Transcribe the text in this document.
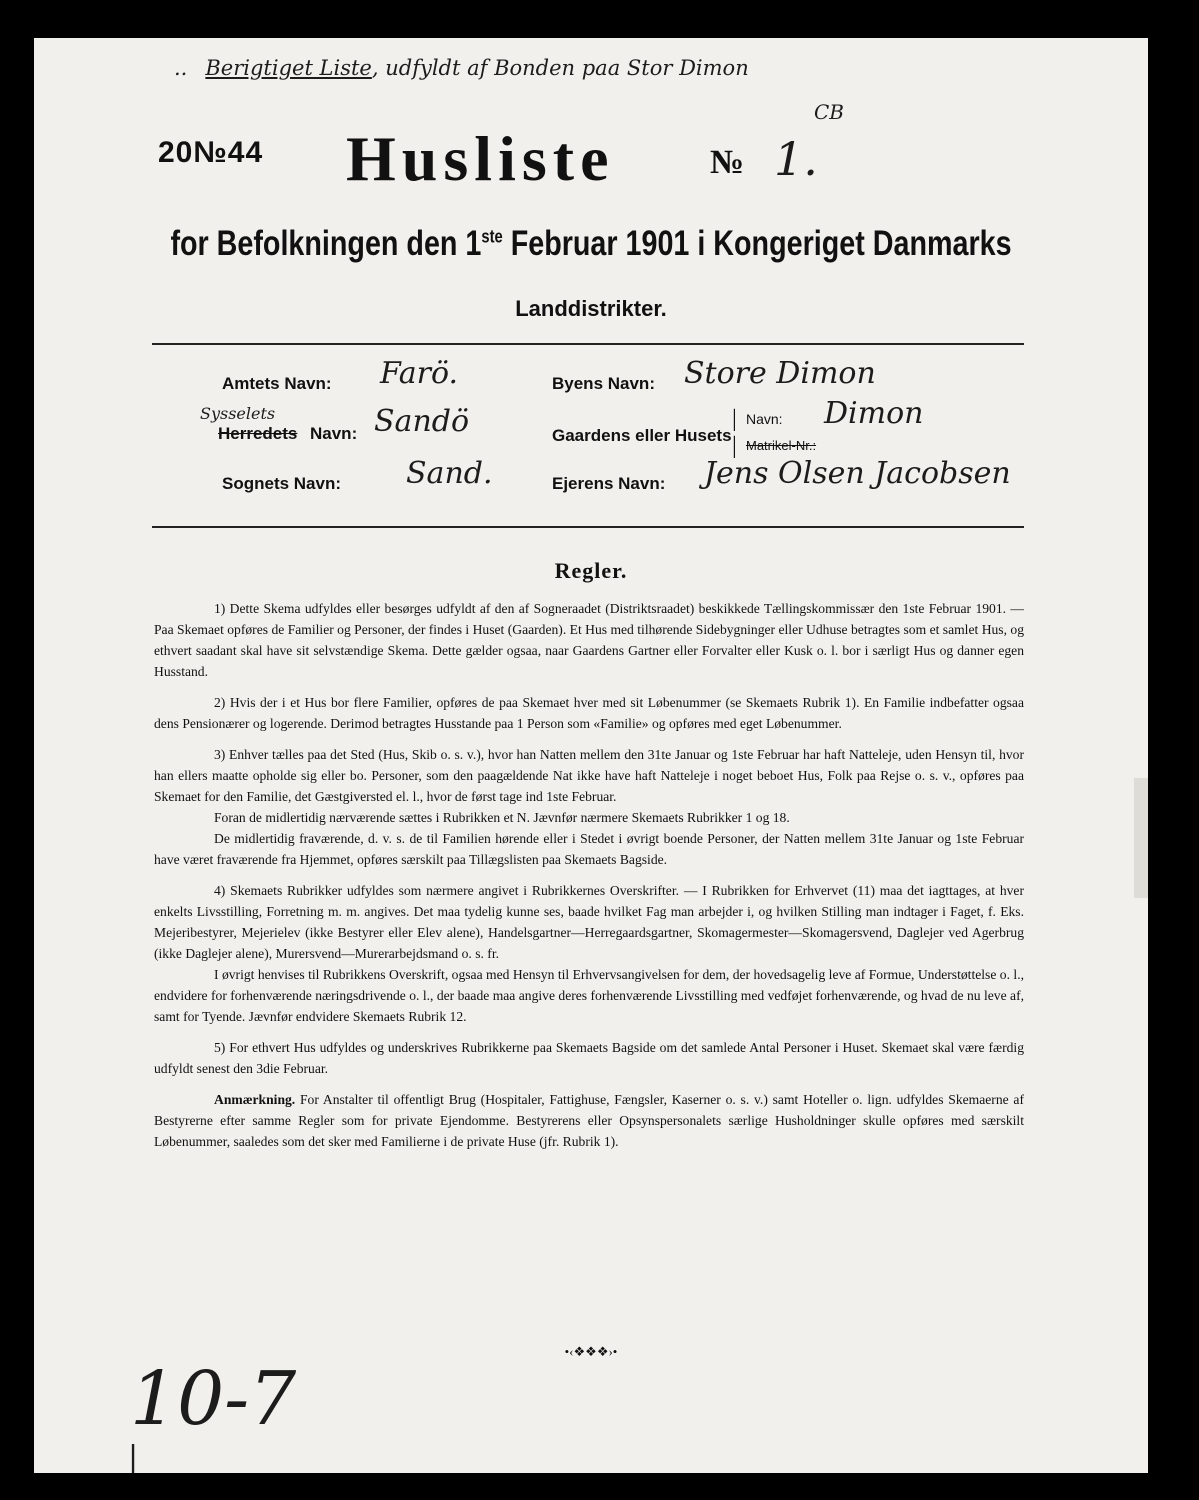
.. Berigtiget Liste, udfyldt af Bonden paa Stor Dimon
CB
20№44 Husliste	№ 1.
for Befolkningen den 1ste Februar 1901 i Kongeriget Danmarks
Landdistrikter.
Amtets Navn: Farö.	Byens Navn: Store Dimon
Sysselets
Herredets Navn: Sandö	Gaardens eller Husets
|
|
Navn: Dimon
Matrikel-Nr.:
Sognets Navn: Sand.	Ejerens Navn: Jens Olsen Jacobsen
Regler.

1) Dette Skema udfyldes eller besørges udfyldt af den af Sogneraadet (Distriktsraadet) beskikkede Tællingskommissær den 1ste Februar 1901. — Paa Skemaet opføres de Familier og Personer, der findes i Huset (Gaarden). Et Hus med tilhørende Sidebygninger eller Udhuse betragtes som et samlet Hus, og ethvert saadant skal have sit selvstændige Skema. Dette gælder ogsaa, naar Gaardens Gartner eller Forvalter eller Kusk o. l. bor i særligt Hus og danner egen Husstand.

2) Hvis der i et Hus bor flere Familier, opføres de paa Skemaet hver med sit Løbenummer (se Skemaets Rubrik 1). En Familie indbefatter ogsaa dens Pensionærer og logerende. Derimod betragtes Husstande paa 1 Person som «Familie» og opføres med eget Løbenummer.

3) Enhver tælles paa det Sted (Hus, Skib o. s. v.), hvor han Natten mellem den 31te Januar og 1ste Februar har haft Natteleje, uden Hensyn til, hvor han ellers maatte opholde sig eller bo. Personer, som den paagældende Nat ikke have haft Natteleje i noget beboet Hus, Folk paa Rejse o. s. v., opføres paa Skemaet for den Familie, det Gæstgiversted el. l., hvor de først tage ind 1ste Februar.

Foran de midlertidig nærværende sættes i Rubrikken et N. Jævnfør nærmere Skemaets Rubrikker 1 og 18.

De midlertidig fraværende, d. v. s. de til Familien hørende eller i Stedet i øvrigt boende Personer, der Natten mellem 31te Januar og 1ste Februar have været fraværende fra Hjemmet, opføres særskilt paa Tillægslisten paa Skemaets Bagside.

4) Skemaets Rubrikker udfyldes som nærmere angivet i Rubrikkernes Overskrifter. — I Rubrikken for Erhvervet (11) maa det iagttages, at hver enkelts Livsstilling, Forretning m. m. angives. Det maa tydelig kunne ses, baade hvilket Fag man arbejder i, og hvilken Stilling man indtager i Faget, f. Eks. Mejeribestyrer, Mejerielev (ikke Bestyrer eller Elev alene), Handelsgartner—Herregaardsgartner, Skomagermester—Skomagersvend, Daglejer ved Agerbrug (ikke Daglejer alene), Murersvend—Murerarbejdsmand o. s. fr.

I øvrigt henvises til Rubrikkens Overskrift, ogsaa med Hensyn til Erhvervsangivelsen for dem, der hovedsagelig leve af Formue, Understøttelse o. l., endvidere for forhenværende næringsdrivende o. l., der baade maa angive deres forhenværende Livsstilling med vedføjet forhenværende, og hvad de nu leve af, samt for Tyende. Jævnfør endvidere Skemaets Rubrik 12.

5) For ethvert Hus udfyldes og underskrives Rubrikkerne paa Skemaets Bagside om det samlede Antal Personer i Huset. Skemaet skal være færdig udfyldt senest den 3die Februar.

Anmærkning. For Anstalter til offentligt Brug (Hospitaler, Fattighuse, Fængsler, Kaserner o. s. v.) samt Hoteller o. lign. udfyldes Skemaerne af Bestyrerne efter samme Regler som for private Ejendomme. Bestyrerens eller Opsynspersonalets særlige Husholdninger skulle opføres med særskilt Løbenummer, saaledes som det sker med Familierne i de private Huse (jfr. Rubrik 1).

•‹❖❖❖›•
10-7
|
